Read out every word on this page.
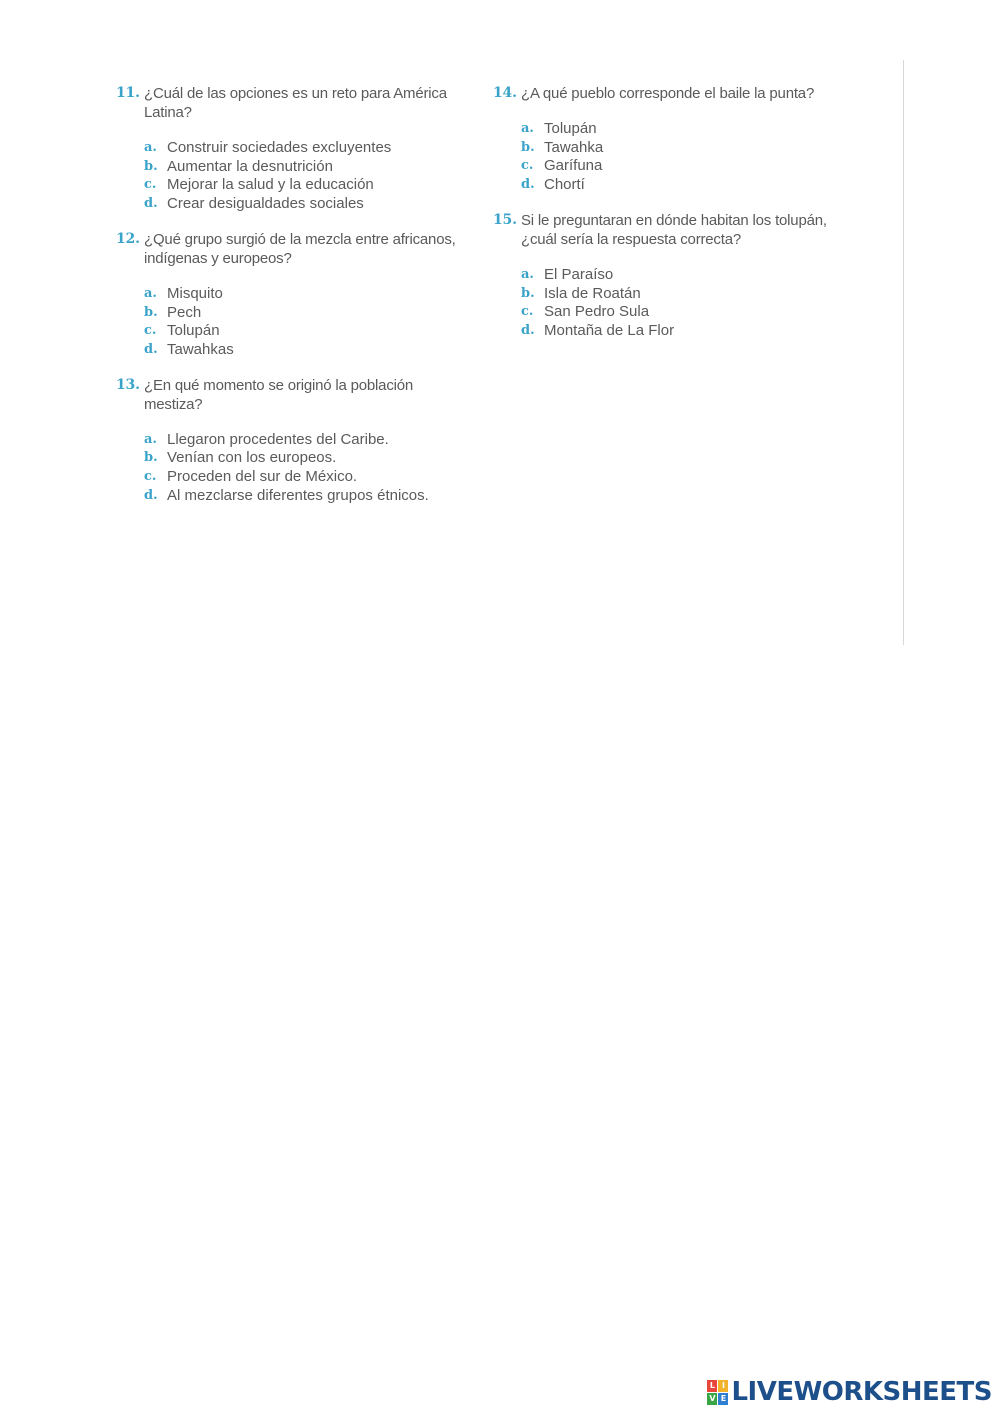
11. ¿Cuál de las opciones es un reto para América Latina?
a. Construir sociedades excluyentes
b. Aumentar la desnutrición
c. Mejorar la salud y la educación
d. Crear desigualdades sociales
12. ¿Qué grupo surgió de la mezcla entre africanos, indígenas y europeos?
a. Misquito
b. Pech
c. Tolupán
d. Tawahkas
13. ¿En qué momento se originó la población mestiza?
a. Llegaron procedentes del Caribe.
b. Venían con los europeos.
c. Proceden del sur de México.
d. Al mezclarse diferentes grupos étnicos.
14. ¿A qué pueblo corresponde el baile la punta?
a. Tolupán
b. Tawahka
c. Garífuna
d. Chortí
15. Si le preguntaran en dónde habitan los tolupán, ¿cuál sería la respuesta correcta?
a. El Paraíso
b. Isla de Roatán
c. San Pedro Sula
d. Montaña de La Flor
L I
V E LIVEWORKSHEETS
